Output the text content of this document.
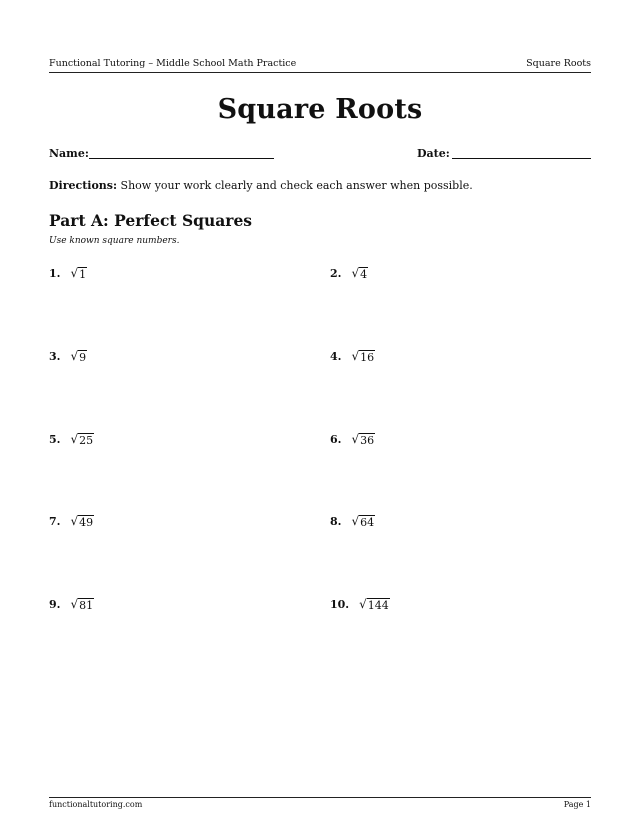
Functional Tutoring – Middle School Math Practice	Square Roots
Square Roots
Name:	Date:
Directions: Show your work clearly and check each answer when possible.
Part A: Perfect Squares
Use known square numbers.
1. √ 1	2. √ 4
3. √ 9	4. √ 16
5. √ 25	6. √ 36
7. √ 49	8. √ 64
9. √ 81	10. √ 144
functionaltutoring.com	Page 1
